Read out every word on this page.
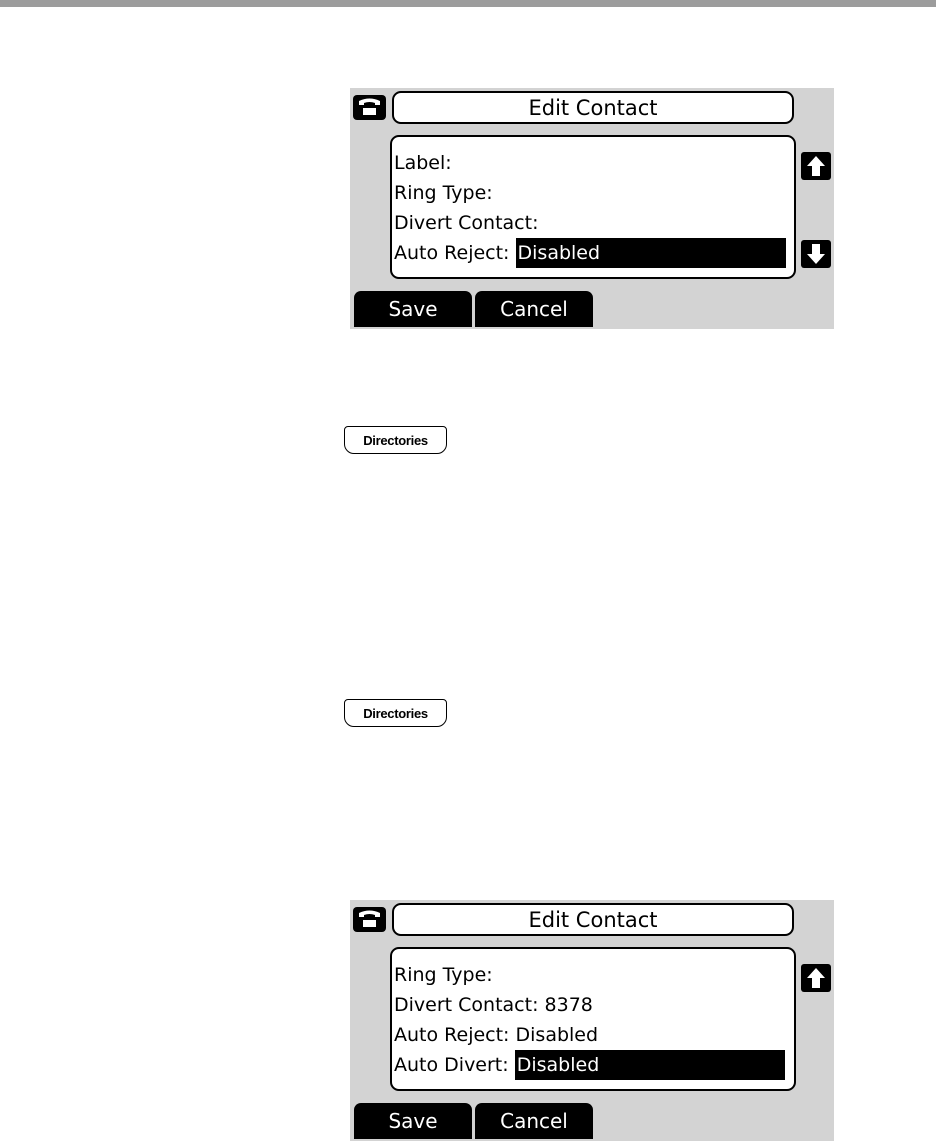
Edit Contact
Label:
Ring Type:
Divert Contact:
Auto Reject: Disabled
Save	Cancel
Directories
Directories
Edit Contact
Ring Type:
Divert Contact: 8378
Auto Reject: Disabled
Auto Divert: Disabled
Save	Cancel
